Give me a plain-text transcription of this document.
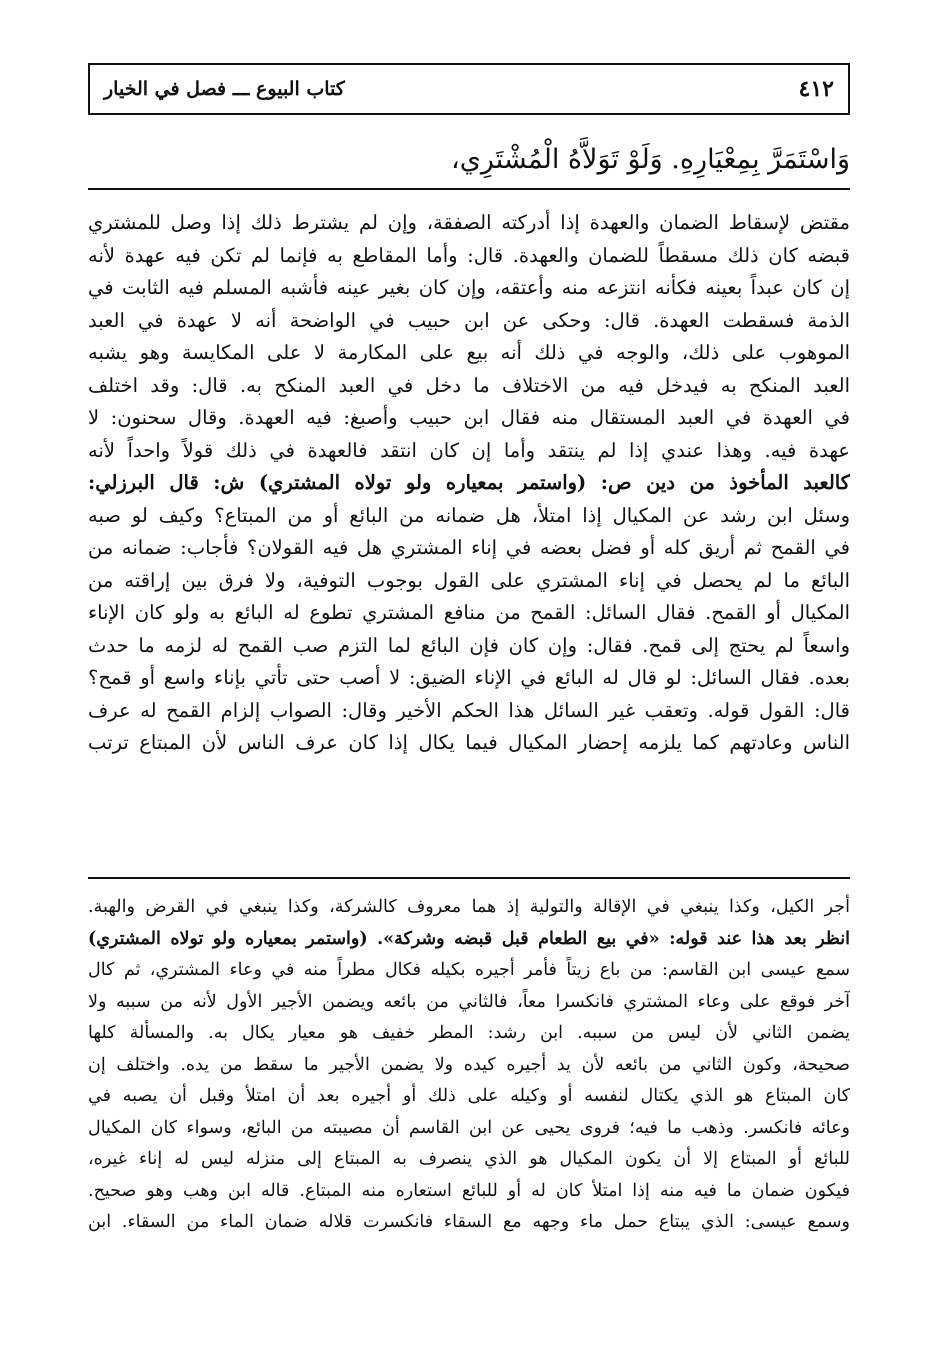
٤١٢
كتاب البيوع ـــ فصل في الخيار
وَاسْتَمَرَّ بِمِعْيَارِهِ. وَلَوْ تَوَلاَّهُ الْمُشْتَرِي،

مقتض لإسقاط الضمان والعهدة إذا أدركته الصفقة، وإن لم يشترط ذلك إذا وصل للمشتري

قبضه كان ذلك مسقطاً للضمان والعهدة. قال: وأما المقاطع به فإنما لم تكن فيه عهدة لأنه

إن كان عبداً بعينه فكأنه انتزعه منه وأعتقه، وإن كان بغير عينه فأشبه المسلم فيه الثابت في

الذمة فسقطت العهدة. قال: وحكى عن ابن حبيب في الواضحة أنه لا عهدة في العبد

الموهوب على ذلك، والوجه في ذلك أنه بيع على المكارمة لا على المكايسة وهو يشبه

العبد المنكح به فيدخل فيه من الاختلاف ما دخل في العبد المنكح به. قال: وقد اختلف

في العهدة في العبد المستقال منه فقال ابن حبيب وأصبغ: فيه العهدة. وقال سحنون: لا

عهدة فيه. وهذا عندي إذا لم ينتقد وأما إن كان انتقد فالعهدة في ذلك قولاً واحداً لأنه

كالعبد المأخوذ من دين ص: (واستمر بمعياره ولو تولاه المشتري) ش: قال البرزلي:

وسئل ابن رشد عن المكيال إذا امتلأ، هل ضمانه من البائع أو من المبتاع؟ وكيف لو صبه

في القمح ثم أريق كله أو فضل بعضه في إناء المشتري هل فيه القولان؟ فأجاب: ضمانه من

البائع ما لم يحصل في إناء المشتري على القول بوجوب التوفية، ولا فرق بين إراقته من

المكيال أو القمح. فقال السائل: القمح من منافع المشتري تطوع له البائع به ولو كان الإناء

واسعاً لم يحتج إلى قمح. فقال: وإن كان فإن البائع لما التزم صب القمح له لزمه ما حدث

بعده. فقال السائل: لو قال له البائع في الإناء الضيق: لا أصب حتى تأتي بإناء واسع أو قمح؟

قال: القول قوله. وتعقب غير السائل هذا الحكم الأخير وقال: الصواب إلزام القمح له عرف

الناس وعادتهم كما يلزمه إحضار المكيال فيما يكال إذا كان عرف الناس لأن المبتاع ترتب

أجر الكيل، وكذا ينبغي في الإقالة والتولية إذ هما معروف كالشركة، وكذا ينبغي في القرض والهبة.

انظر بعد هذا عند قوله: «في بيع الطعام قبل قبضه وشركة». (واستمر بمعياره ولو تولاه المشتري)

سمع عيسى ابن القاسم: من باع زيتاً فأمر أجيره بكيله فكال مطراً منه في وعاء المشتري، ثم كال

آخر فوقع على وعاء المشتري فانكسرا معاً، فالثاني من بائعه ويضمن الأجير الأول لأنه من سببه ولا

يضمن الثاني لأن ليس من سببه. ابن رشد: المطر خفيف هو معيار يكال به. والمسألة كلها

صحيحة، وكون الثاني من بائعه لأن يد أجيره كيده ولا يضمن الأجير ما سقط من يده. واختلف إن

كان المبتاع هو الذي يكتال لنفسه أو وكيله على ذلك أو أجيره بعد أن امتلأ وقبل أن يصبه في

وعائه فانكسر. وذهب ما فيه؛ فروى يحيى عن ابن القاسم أن مصيبته من البائع، وسواء كان المكيال

للبائع أو المبتاع إلا أن يكون المكيال هو الذي ينصرف به المبتاع إلى منزله ليس له إناء غيره،

فيكون ضمان ما فيه منه إذا امتلأ كان له أو للبائع استعاره منه المبتاع. قاله ابن وهب وهو صحيح.

وسمع عيسى: الذي يبتاع حمل ماء وجهه مع السقاء فانكسرت قلاله ضمان الماء من السقاء. ابن
